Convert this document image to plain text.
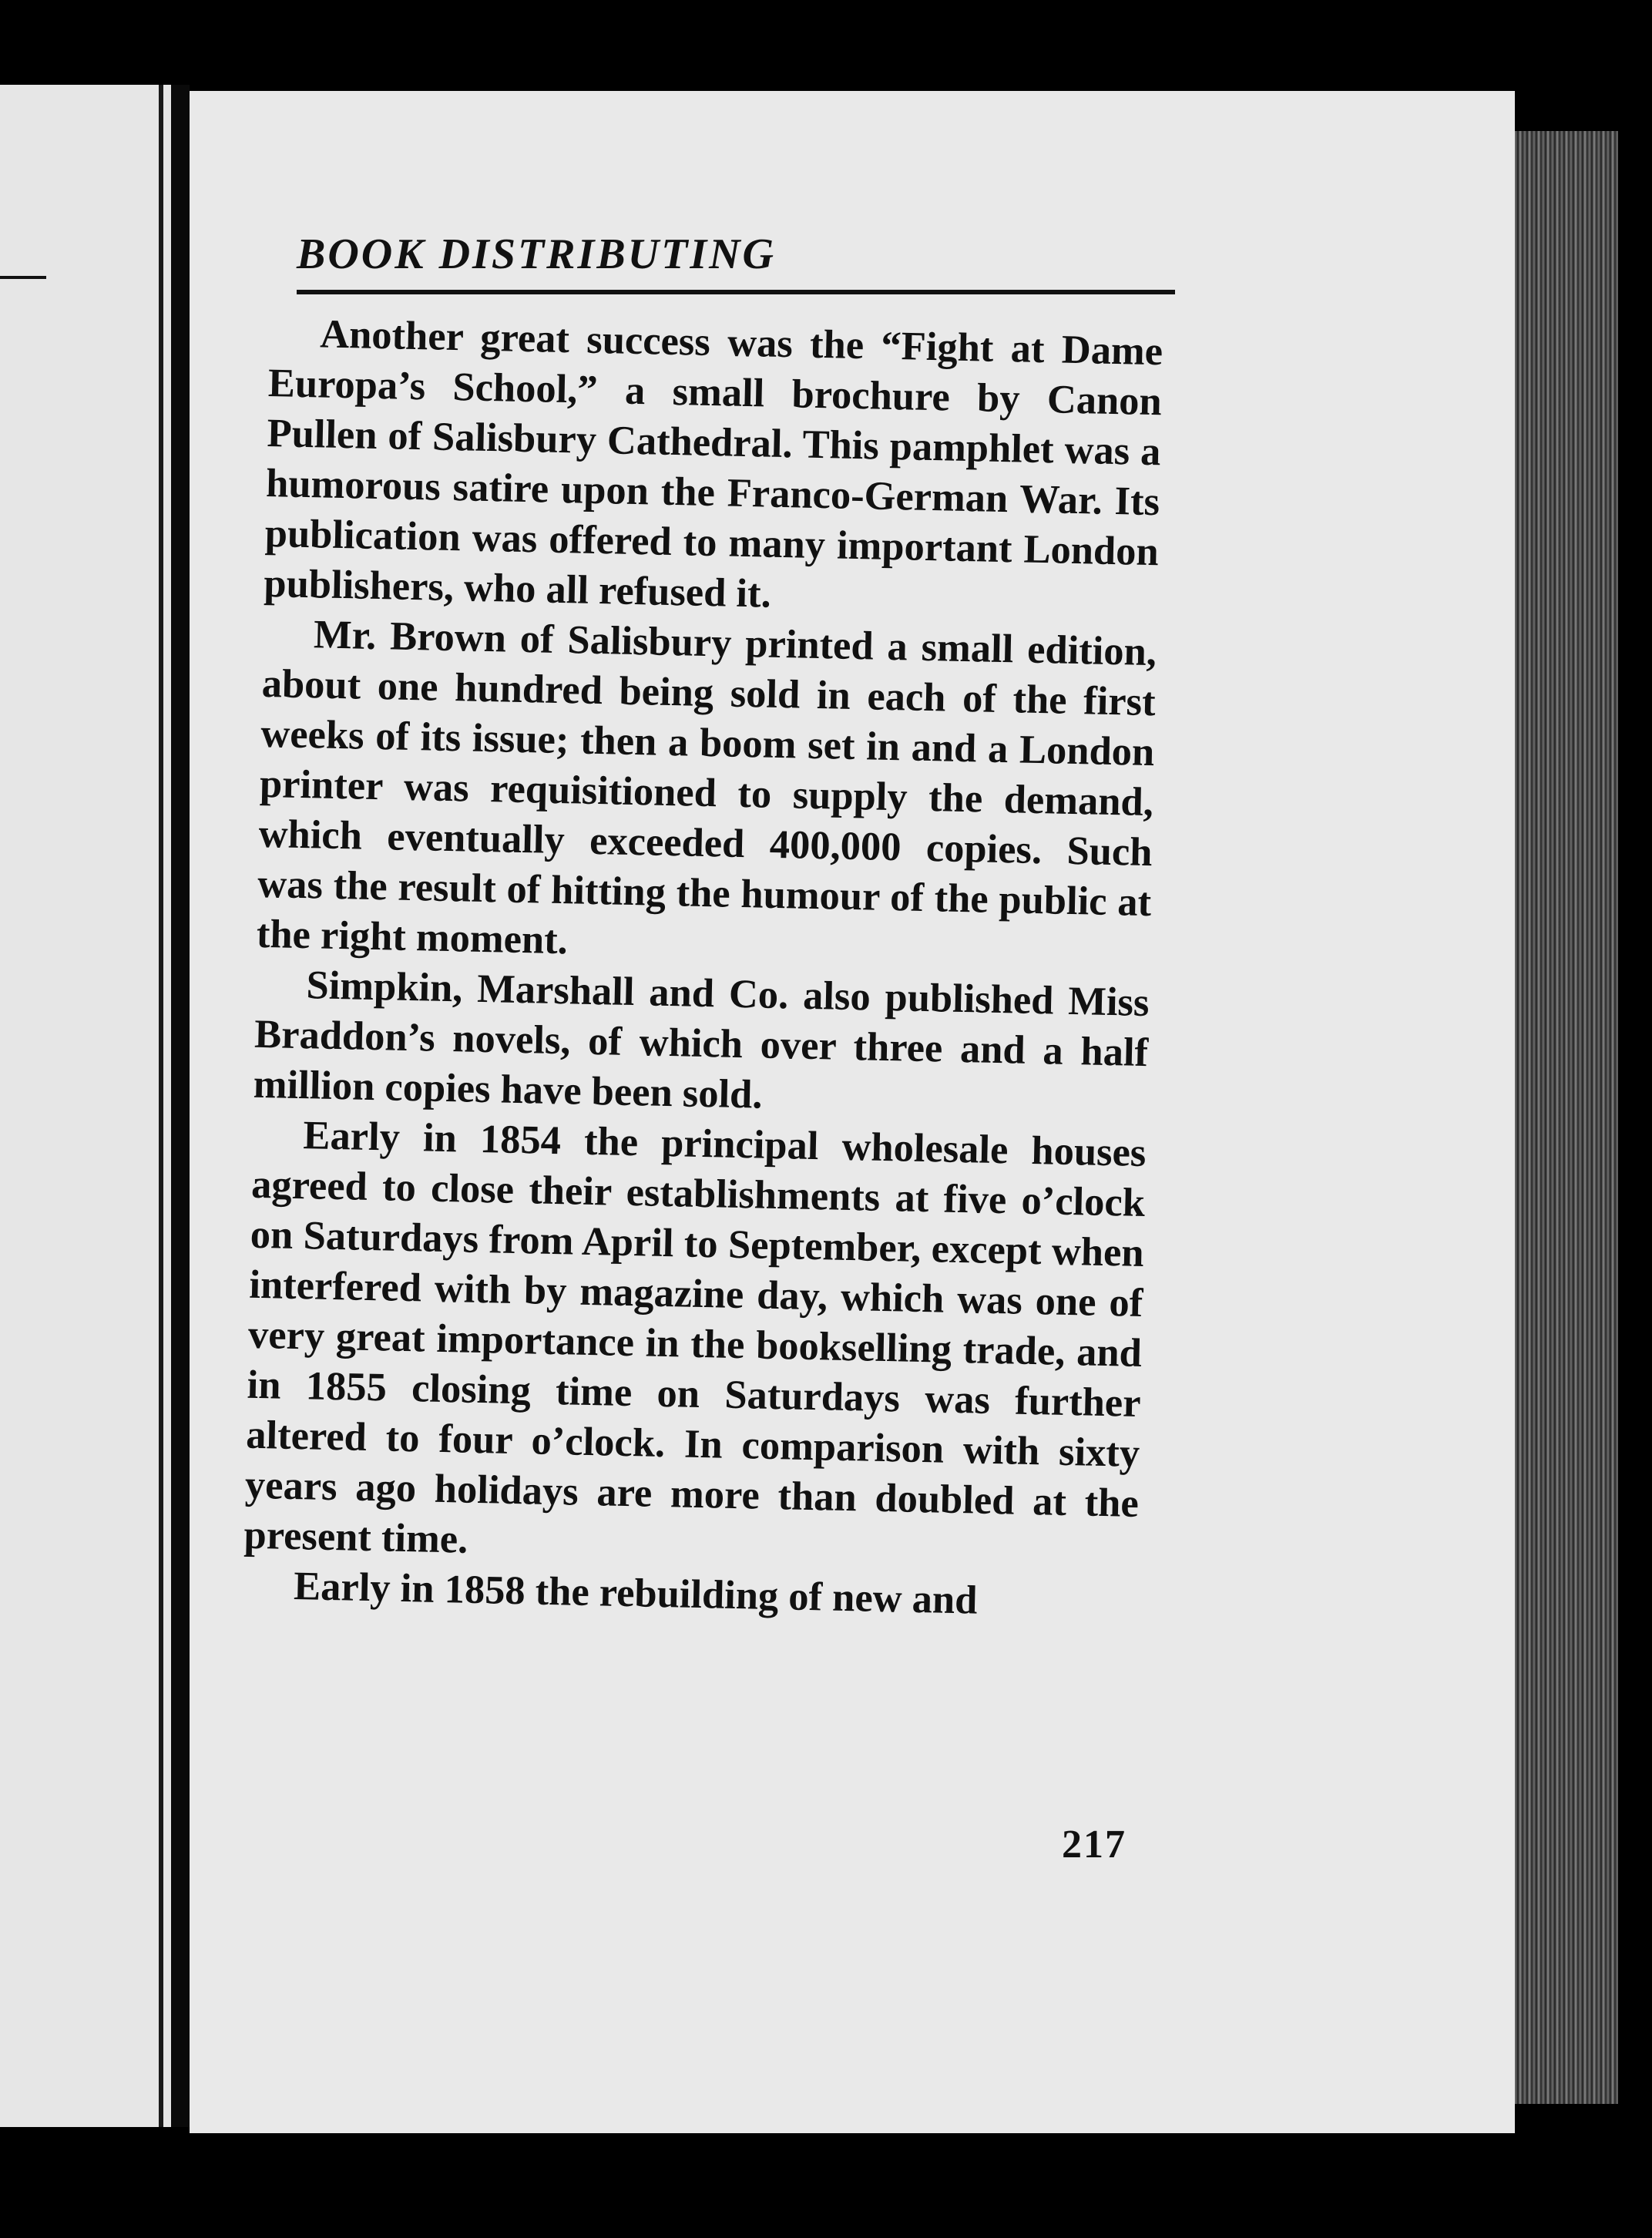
BOOK DISTRIBUTING

Another great success was the “Fight at Dame Europa’s School,” a small brochure by Canon Pullen of Salisbury Cathedral. This pamphlet was a humorous satire upon the Franco-German War. Its publication was offered to many important London publishers, who all refused it.

Mr. Brown of Salisbury printed a small edition, about one hundred being sold in each of the first weeks of its issue; then a boom set in and a London printer was requisitioned to supply the demand, which eventually exceeded 400,000 copies. Such was the result of hitting the humour of the public at the right moment.

Simpkin, Marshall and Co. also published Miss Braddon’s novels, of which over three and a half million copies have been sold.

Early in 1854 the principal wholesale houses agreed to close their establishments at five o’clock on Saturdays from April to September, except when interfered with by magazine day, which was one of very great importance in the bookselling trade, and in 1855 closing time on Saturdays was further altered to four o’clock. In comparison with sixty years ago holidays are more than doubled at the present time.

Early in 1858 the rebuilding of new and

217
